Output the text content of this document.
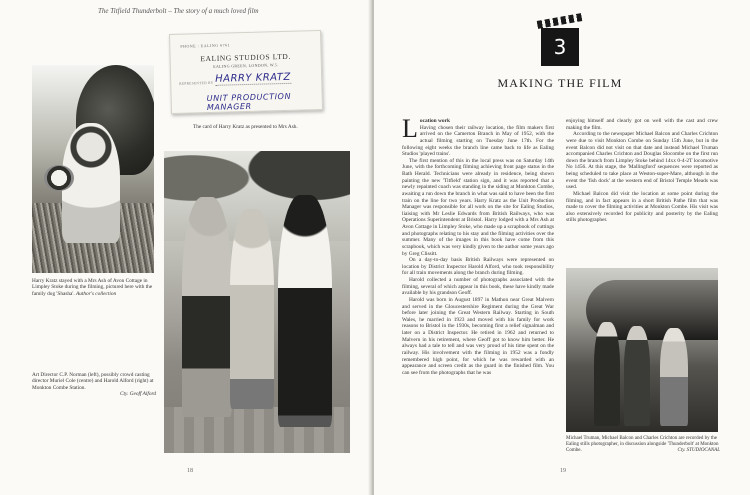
The Titfield Thunderbolt – The story of a much loved film
PHONE : EALING 6761
EALING STUDIOS LTD.
EALING GREEN, LONDON, W.5.
REPRESENTED BY HARRY KRATZ
UNIT PRODUCTION MANAGER
The card of Harry Kratz as presented to Mrs Ash.
Harry Kratz stayed with a Mrs Ash of Avon Cottage in Limpley Stoke during the filming, pictured here with the family dog 'Shasha'. Author's collection
Art Director C.P. Norman (left), possibly crowd casting director Muriel Cole (centre) and Harold Alford (right) at Monkton Combe Station.
Cty. Geoff Alford
18
3
MAKING THE FILM

L ocation work
Having chosen their railway location, the film makers first arrived on the Camerton Branch in May of 1952, with the actual filming starting on Tuesday June 17th. For the following eight weeks the branch line came back to life as Ealing Studios 'played trains'.

The first mention of this in the local press was on Saturday 14th June, with the forthcoming filming achieving front page status in the Bath Herald. Technicians were already in residence, being shown painting the new 'Titfield' station sign, and it was reported that a newly repainted coach was standing in the siding at Monkton Combe, awaiting a run down the branch in what was said to have been the first train on the line for two years. Harry Kratz as the Unit Production Manager was responsible for all work on the site for Ealing Studios, liaising with Mr Leslie Edwards from British Railways, who was Operations Superintendent at Bristol. Harry lodged with a Mrs Ash at Avon Cottage in Limpley Stoke, who made up a scrapbook of cuttings and photographs relating to his stay and the filming activities over the summer. Many of the images in this book have come from this scrapbook, which was very kindly given to the author some years ago by Greg Clissitt.

On a day-to-day basis British Railways were represented on location by District Inspector Harold Alford, who took responsibility for all train movements along the branch during filming.

Harold collected a number of photographs associated with the filming, several of which appear in this book, these have kindly made available by his grandson Geoff.

Harold was born in August 1897 in Mathon near Great Malvern and served in the Gloucestershire Regiment during the Great War before later joining the Great Western Railway. Starting in South Wales, he married in 1923 and moved with his family for work reasons to Bristol in the 1930s, becoming first a relief signalman and later on a District Inspector. He retired in 1962 and returned to Malvern in his retirement, where Geoff got to know him better. He always had a tale to tell and was very proud of his time spent on the railway. His involvement with the filming in 1952 was a fondly remembered high point, for which he was rewarded with an appearance and screen credit as the guard in the finished film. You can see from the photographs that he was

enjoying himself and clearly got on well with the cast and crew making the film.

According to the newspaper Michael Balcon and Charles Crichton were due to visit Monkton Combe on Sunday 15th June, but in the event Balcon did not visit on that date and instead Michael Truman accompanied Charles Crichton and Douglas Slocombe on the first run down the branch from Limpley Stoke behind 14xx 0-4-2T locomotive No 1456. At this stage, the 'Mallingford' sequences were reported as being scheduled to take place at Weston-super-Mare, although in the event the 'fish dock' at the western end of Bristol Temple Meads was used.

Michael Balcon did visit the location at some point during the filming, and in fact appears in a short British Pathe film that was made to cover the filming activities at Monkton Combe. His visit was also extensively recorded for publicity and posterity by the Ealing stills photographer.

Michael Truman, Michael Balcon and Charles Crichton are recorded by the Ealing stills photographer, in discussion alongside 'Thunderbolt' at Monkton Combe.	Cty. STUDIOCANAL
19
